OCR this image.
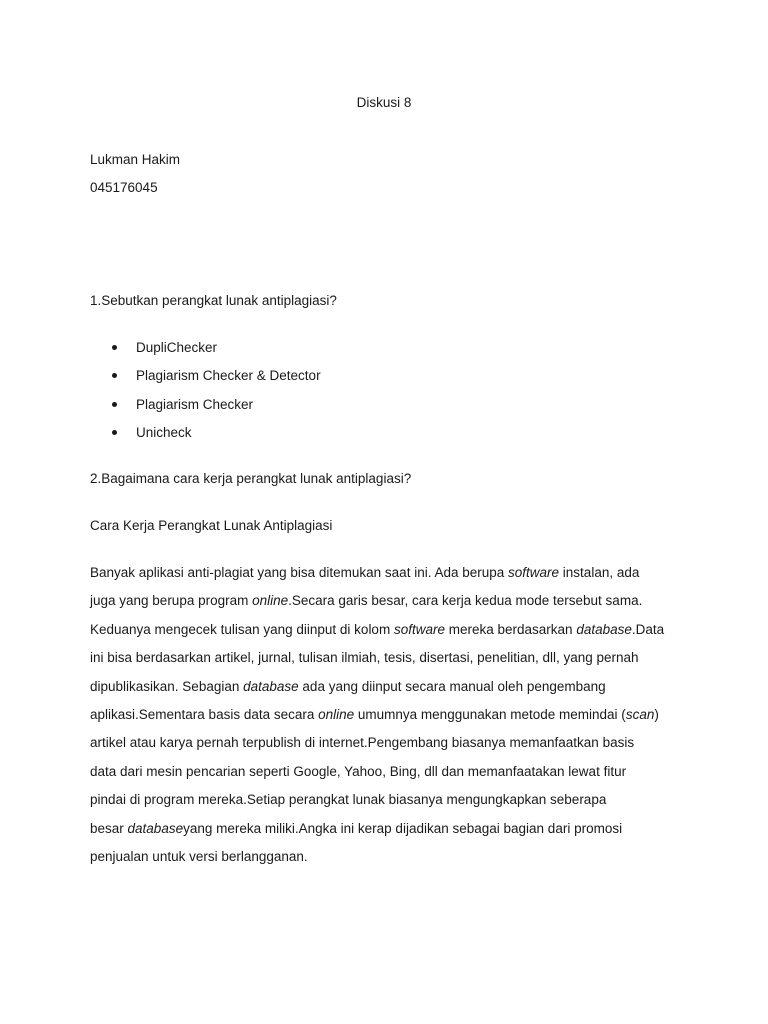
Diskusi 8
Lukman Hakim
045176045
1.Sebutkan perangkat lunak antiplagiasi?
DupliChecker
Plagiarism Checker & Detector
Plagiarism Checker
Unicheck
2.Bagaimana cara kerja perangkat lunak antiplagiasi?
Cara Kerja Perangkat Lunak Antiplagiasi
Banyak aplikasi anti-plagiat yang bisa ditemukan saat ini. Ada berupa software instalan, ada
juga yang berupa program online.Secara garis besar, cara kerja kedua mode tersebut sama.
Keduanya mengecek tulisan yang diinput di kolom software mereka berdasarkan database.Data
ini bisa berdasarkan artikel, jurnal, tulisan ilmiah, tesis, disertasi, penelitian, dll, yang pernah
dipublikasikan. Sebagian database ada yang diinput secara manual oleh pengembang
aplikasi.Sementara basis data secara online umumnya menggunakan metode memindai (scan)
artikel atau karya pernah terpublish di internet.Pengembang biasanya memanfaatkan basis
data dari mesin pencarian seperti Google, Yahoo, Bing, dll dan memanfaatakan lewat fitur
pindai di program mereka.Setiap perangkat lunak biasanya mengungkapkan seberapa
besar databaseyang mereka miliki.Angka ini kerap dijadikan sebagai bagian dari promosi
penjualan untuk versi berlangganan.
